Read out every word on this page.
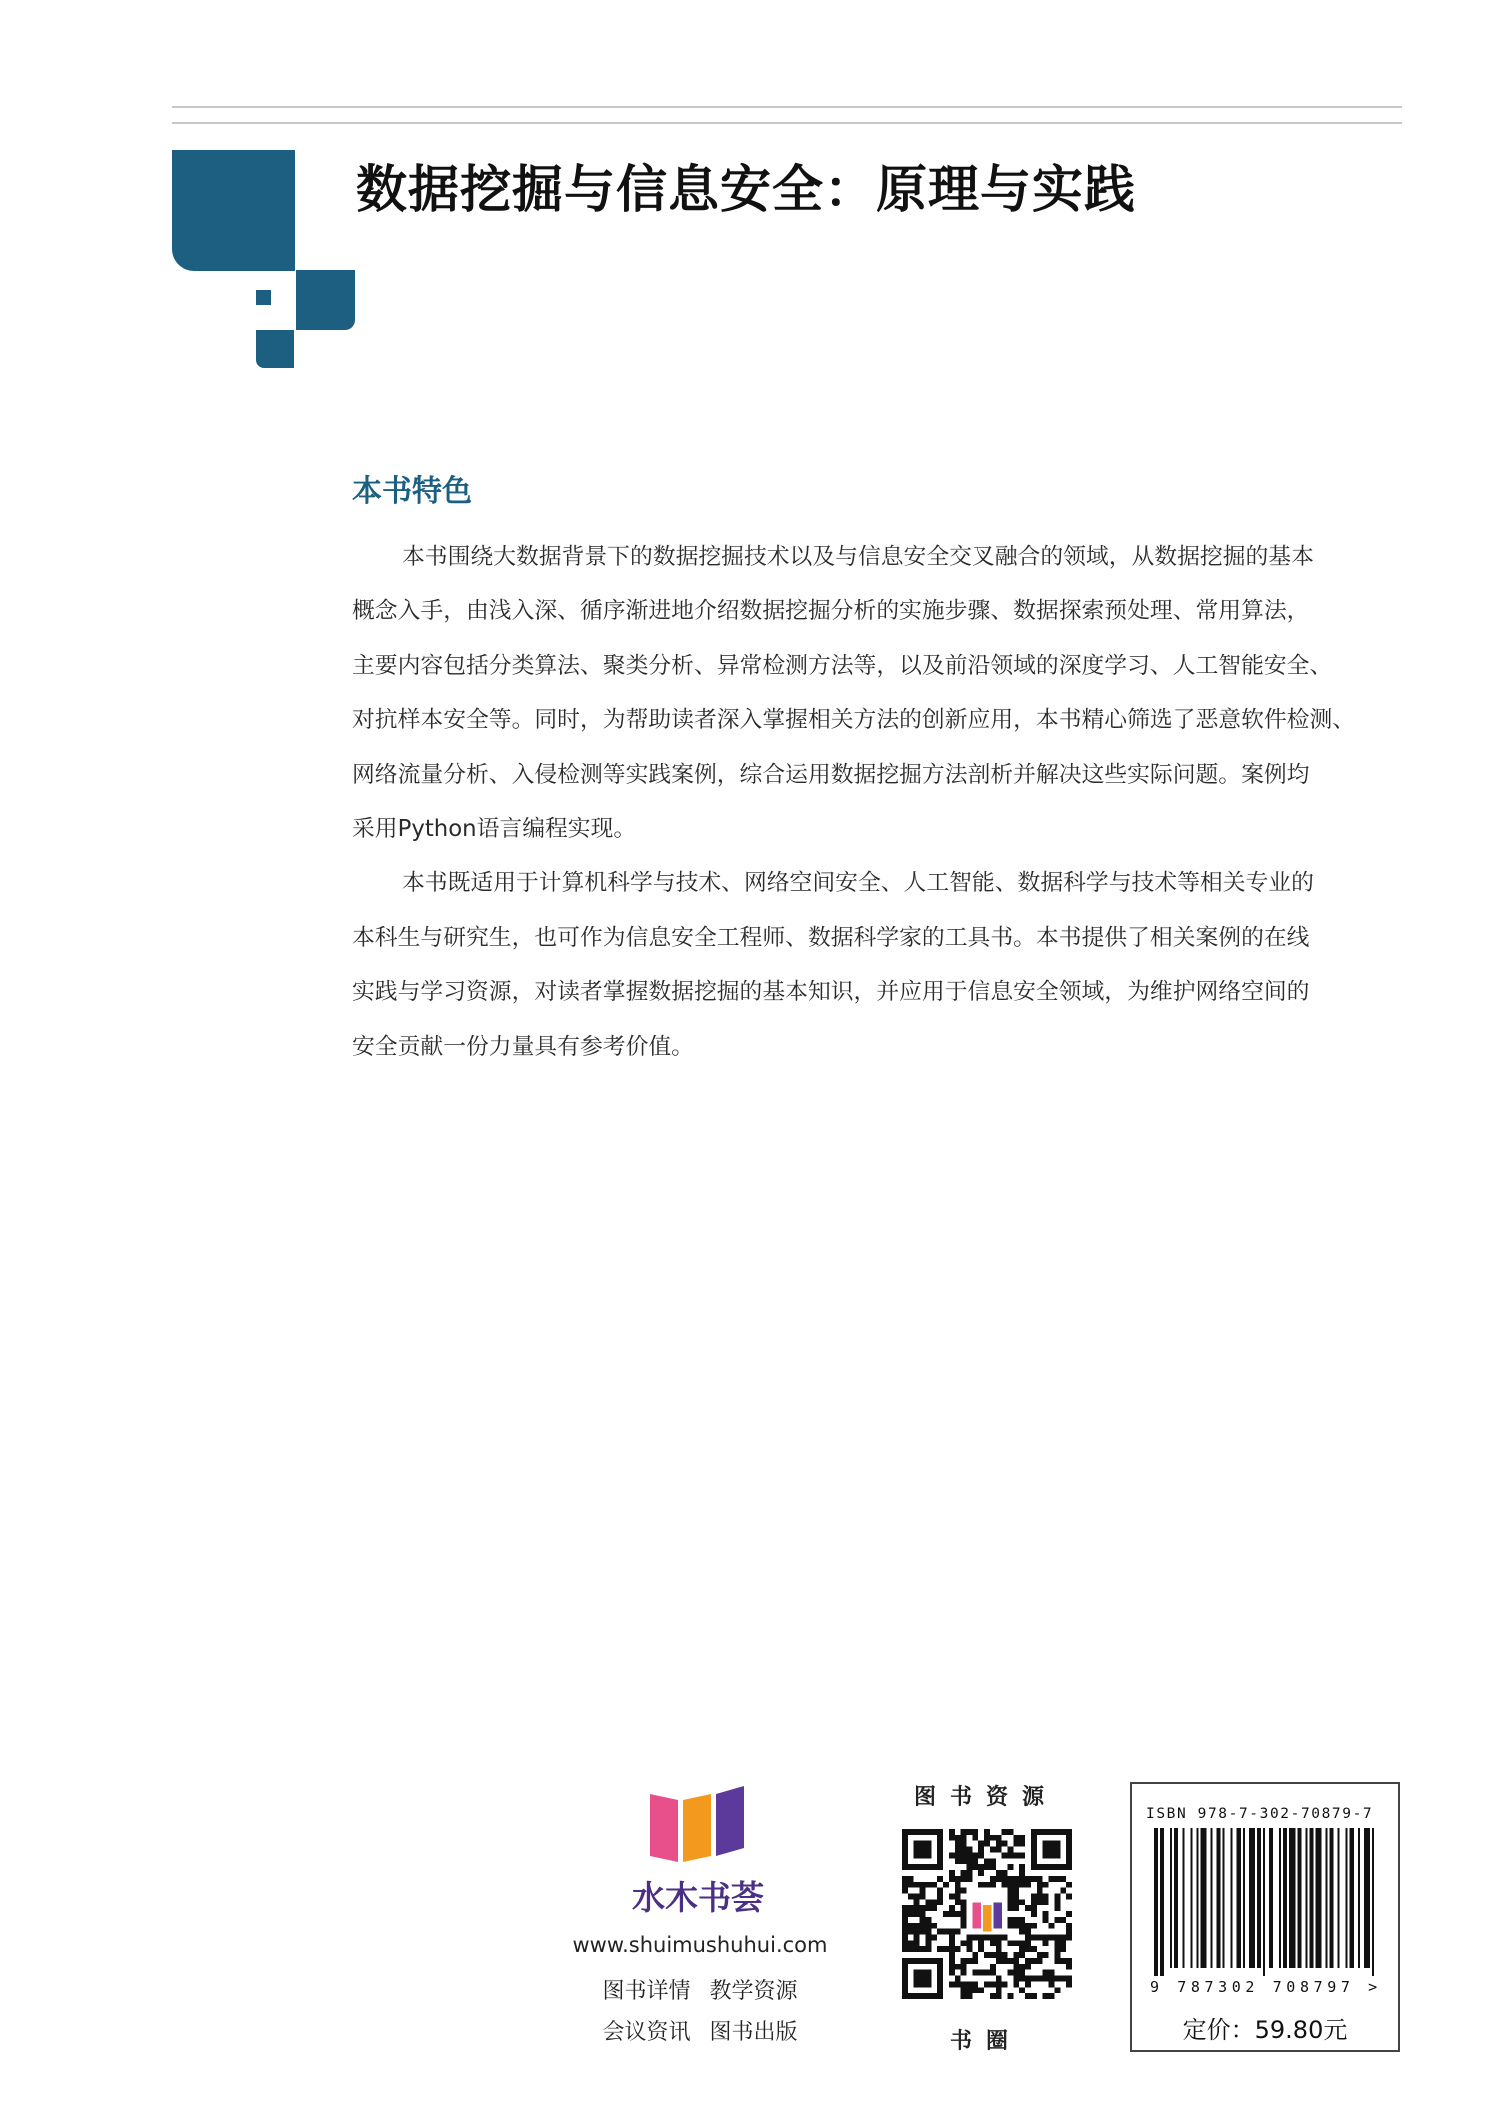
数据挖掘与信息安全：原理与实践
本书特色
本书围绕大数据背景下的数据挖掘技术以及与信息安全交叉融合的领域，从数据挖掘的基本
概念入手，由浅入深、循序渐进地介绍数据挖掘分析的实施步骤、数据探索预处理、常用算法，
主要内容包括分类算法、聚类分析、异常检测方法等，以及前沿领域的深度学习、人工智能安全、
对抗样本安全等。同时，为帮助读者深入掌握相关方法的创新应用，本书精心筛选了恶意软件检测、
网络流量分析、入侵检测等实践案例，综合运用数据挖掘方法剖析并解决这些实际问题。案例均
采用Python语言编程实现。
本书既适用于计算机科学与技术、网络空间安全、人工智能、数据科学与技术等相关专业的
本科生与研究生，也可作为信息安全工程师、数据科学家的工具书。本书提供了相关案例的在线
实践与学习资源，对读者掌握数据挖掘的基本知识，并应用于信息安全领域，为维护网络空间的
安全贡献一份力量具有参考价值。
水木书荟
www.shuimushuhui.com
图书详情 教学资源
会议资讯 图书出版
图书资源
书圈
ISBN 978-7-302-70879-7
9 787302 708797 >
定价：59.80元
